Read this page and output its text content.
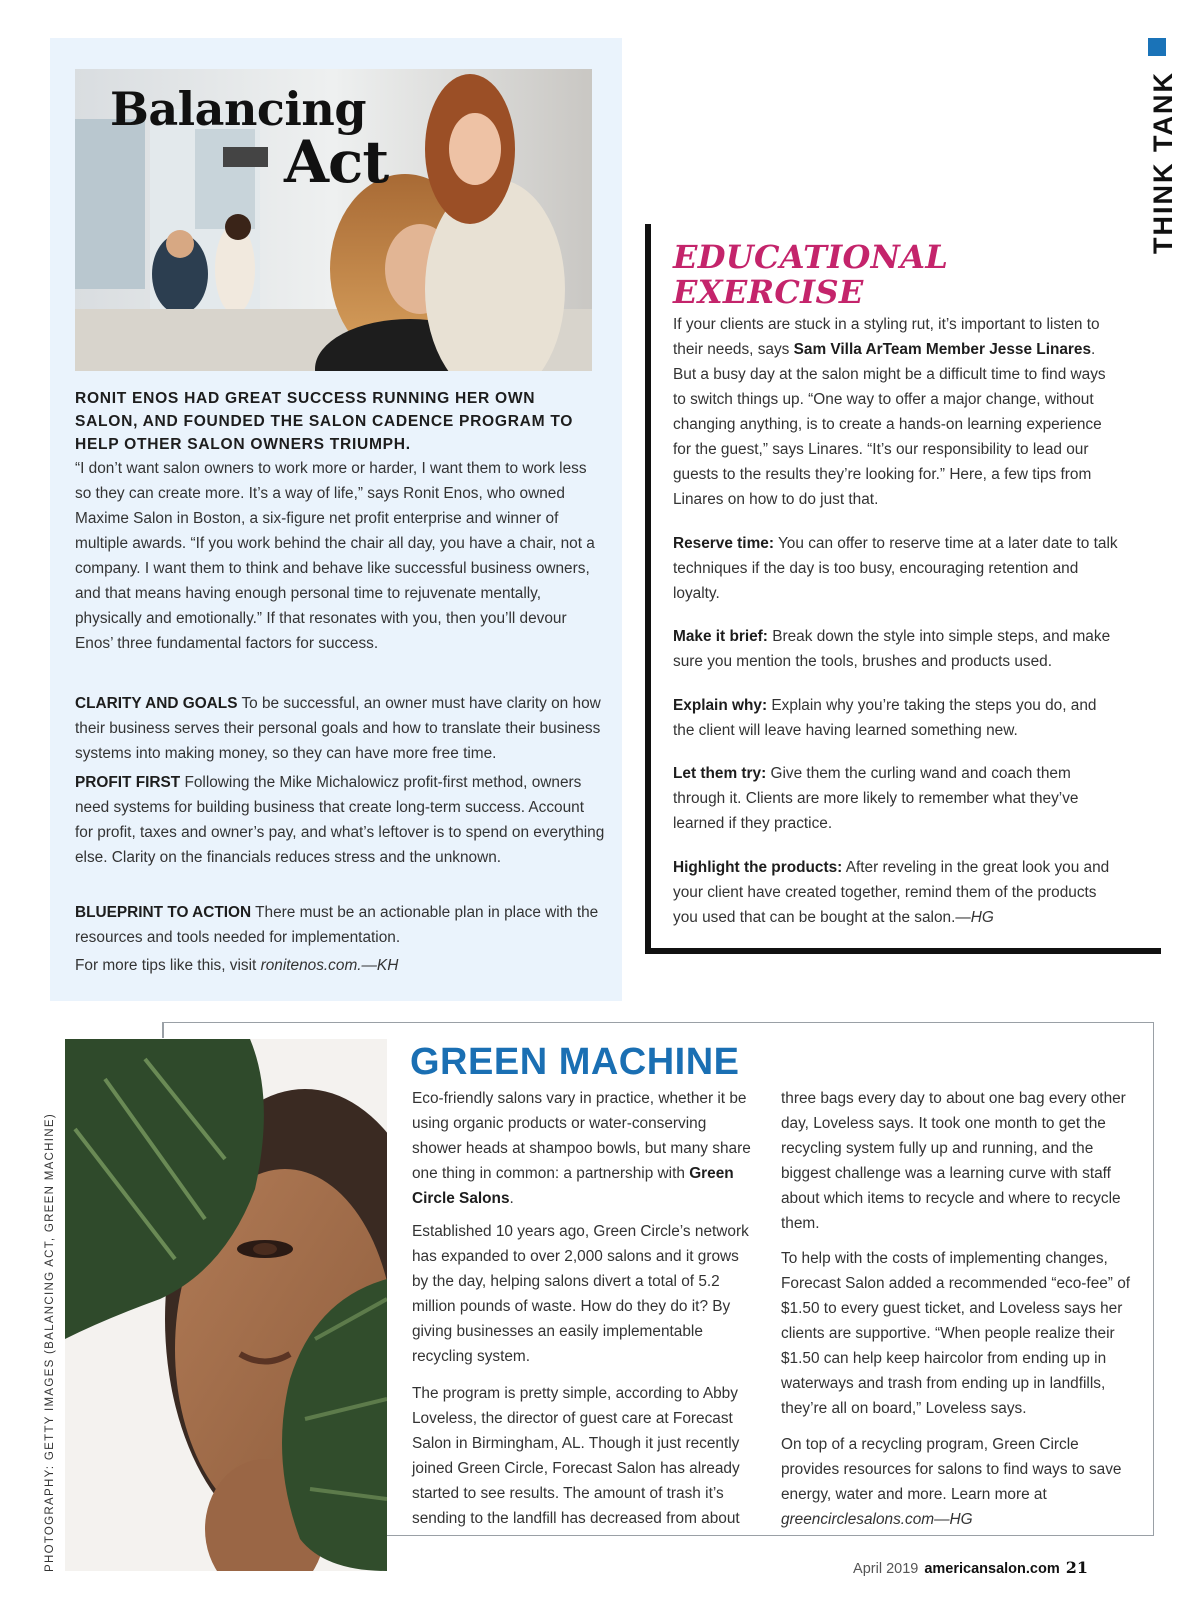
THINK TANK
Balancing
Act
RONIT ENOS HAD GREAT SUCCESS RUNNING HER OWN SALON, AND FOUNDED THE SALON CADENCE PROGRAM TO HELP OTHER SALON OWNERS TRIUMPH.
“I don’t want salon owners to work more or harder, I want them to work less so they can create more. It’s a way of life,” says Ronit Enos, who owned Maxime Salon in Boston, a six-figure net profit enterprise and winner of multiple awards. “If you work behind the chair all day, you have a chair, not a company. I want them to think and behave like successful business owners, and that means having enough personal time to rejuvenate mentally, physically and emotionally.” If that resonates with you, then you’ll devour Enos’ three fundamental factors for success.
CLARITY AND GOALS To be successful, an owner must have clarity on how their business serves their personal goals and how to translate their business systems into making money, so they can have more free time.
PROFIT FIRST Following the Mike Michalowicz profit-first method, owners need systems for building business that create long-term success. Account for profit, taxes and owner’s pay, and what’s leftover is to spend on everything else. Clarity on the financials reduces stress and the unknown.
BLUEPRINT TO ACTION There must be an actionable plan in place with the resources and tools needed for implementation.
For more tips like this, visit ronitenos.com.—KH
EDUCATIONAL
EXERCISE
If your clients are stuck in a styling rut, it’s important to listen to their needs, says Sam Villa ArTeam Member Jesse Linares. But a busy day at the salon might be a difficult time to find ways to switch things up. “One way to offer a major change, without changing anything, is to create a hands-on learning experience for the guest,” says Linares. “It’s our responsibility to lead our guests to the results they’re looking for.” Here, a few tips from Linares on how to do just that.
Reserve time: You can offer to reserve time at a later date to talk techniques if the day is too busy, encouraging retention and loyalty.
Make it brief: Break down the style into simple steps, and make sure you mention the tools, brushes and products used.
Explain why: Explain why you’re taking the steps you do, and the client will leave having learned something new.
Let them try: Give them the curling wand and coach them through it. Clients are more likely to remember what they’ve learned if they practice.
Highlight the products: After reveling in the great look you and your client have created together, remind them of the products you used that can be bought at the salon.—HG
PHOTOGRAPHY: GETTY IMAGES (BALANCING ACT, GREEN MACHINE)
GREEN MACHINE
Eco-friendly salons vary in practice, whether it be using organic products or water-conserving shower heads at shampoo bowls, but many share one thing in common: a partnership with Green Circle Salons.
Established 10 years ago, Green Circle’s network has expanded to over 2,000 salons and it grows by the day, helping salons divert a total of 5.2 million pounds of waste. How do they do it? By giving businesses an easily implementable recycling system.
The program is pretty simple, according to Abby Loveless, the director of guest care at Forecast Salon in Birmingham, AL. Though it just recently joined Green Circle, Forecast Salon has already started to see results. The amount of trash it’s sending to the landfill has decreased from about
three bags every day to about one bag every other day, Loveless says. It took one month to get the recycling system fully up and running, and the biggest challenge was a learning curve with staff about which items to recycle and where to recycle them.
To help with the costs of implementing changes, Forecast Salon added a recommended “eco-fee” of $1.50 to every guest ticket, and Loveless says her clients are supportive. “When people realize their $1.50 can help keep haircolor from ending up in waterways and trash from ending up in landfills, they’re all on board,” Loveless says.
On top of a recycling program, Green Circle provides resources for salons to find ways to save energy, water and more. Learn more at greencirclesalons.com—HG
April 2019 americansalon.com 21
